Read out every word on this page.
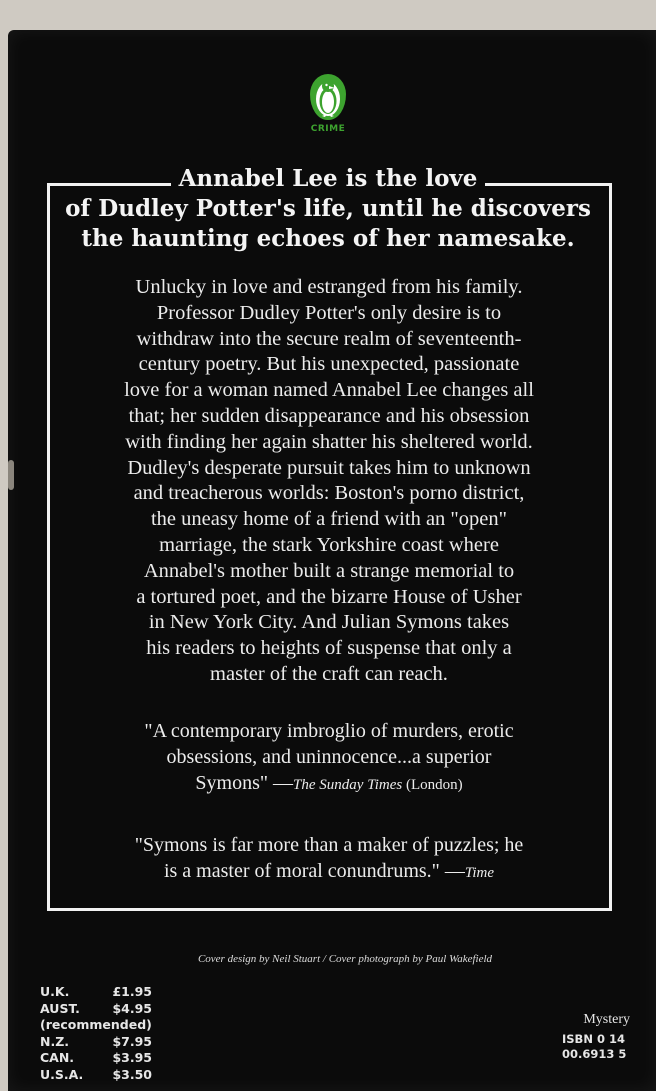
CRIME
Annabel Lee is the love
of Dudley Potter's life, until he discovers
the haunting echoes of her namesake.
Unlucky in love and estranged from his family.
Professor Dudley Potter's only desire is to
withdraw into the secure realm of seventeenth-
century poetry. But his unexpected, passionate
love for a woman named Annabel Lee changes all
that; her sudden disappearance and his obsession
with finding her again shatter his sheltered world.
Dudley's desperate pursuit takes him to unknown
and treacherous worlds: Boston's porno district,
the uneasy home of a friend with an "open"
marriage, the stark Yorkshire coast where
Annabel's mother built a strange memorial to
a tortured poet, and the bizarre House of Usher
in New York City. And Julian Symons takes
his readers to heights of suspense that only a
master of the craft can reach.
"A contemporary imbroglio of murders, erotic
obsessions, and uninnocence...a superior
Symons" —The Sunday Times (London)
"Symons is far more than a maker of puzzles; he
is a master of moral conundrums." —Time
Cover design by Neil Stuart / Cover photograph by Paul Wakefield
U.K.	£1.95
AUST.	$4.95
(recommended)
N.Z.	$7.95
CAN.	$3.95
U.S.A.	$3.50
Mystery
ISBN 0 14
00.6913 5
